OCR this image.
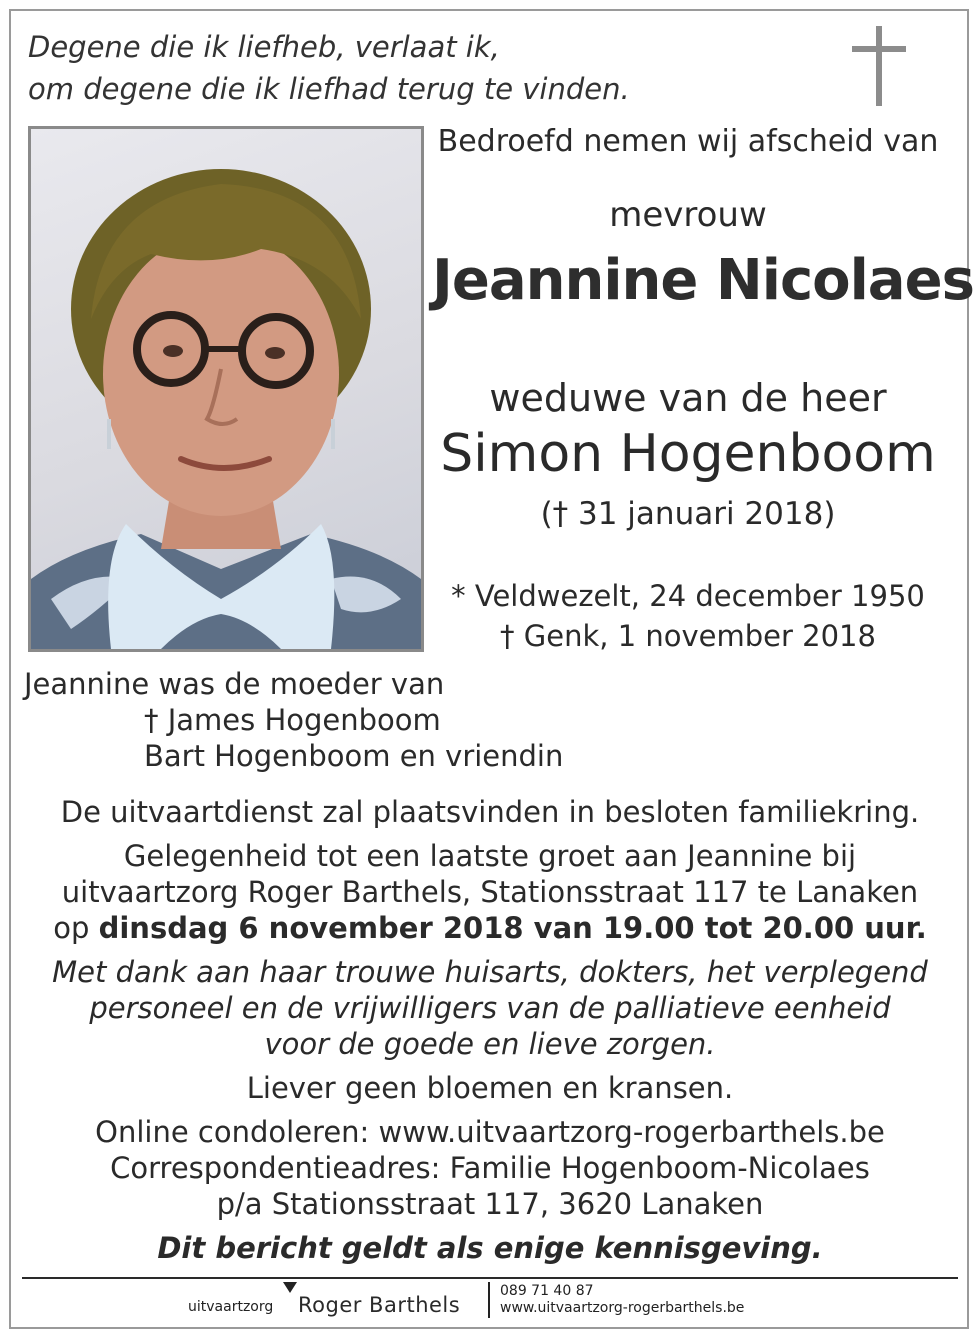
Degene die ik liefheb, verlaat ik,
om degene die ik liefhad terug te vinden.

Bedroefd nemen wij afscheid van

mevrouw

Jeannine Nicolaes

weduwe van de heer

Simon Hogenboom

(† 31 januari 2018)

* Veldwezelt, 24 december 1950

† Genk, 1 november 2018

Jeannine was de moeder van

† James Hogenboom

Bart Hogenboom en vriendin

De uitvaartdienst zal plaatsvinden in besloten familiekring.

Gelegenheid tot een laatste groet aan Jeannine bij

uitvaartzorg Roger Barthels, Stationsstraat 117 te Lanaken

op dinsdag 6 november 2018 van 19.00 tot 20.00 uur.

Met dank aan haar trouwe huisarts, dokters, het verplegend

personeel en de vrijwilligers van de palliatieve eenheid

voor de goede en lieve zorgen.

Liever geen bloemen en kransen.

Online condoleren: www.uitvaartzorg-rogerbarthels.be

Correspondentieadres: Familie Hogenboom-Nicolaes

p/a Stationsstraat 117, 3620 Lanaken

Dit bericht geldt als enige kennisgeving.

uitvaartzorg Roger Barthels
089 71 40 87
www.uitvaartzorg-rogerbarthels.be
